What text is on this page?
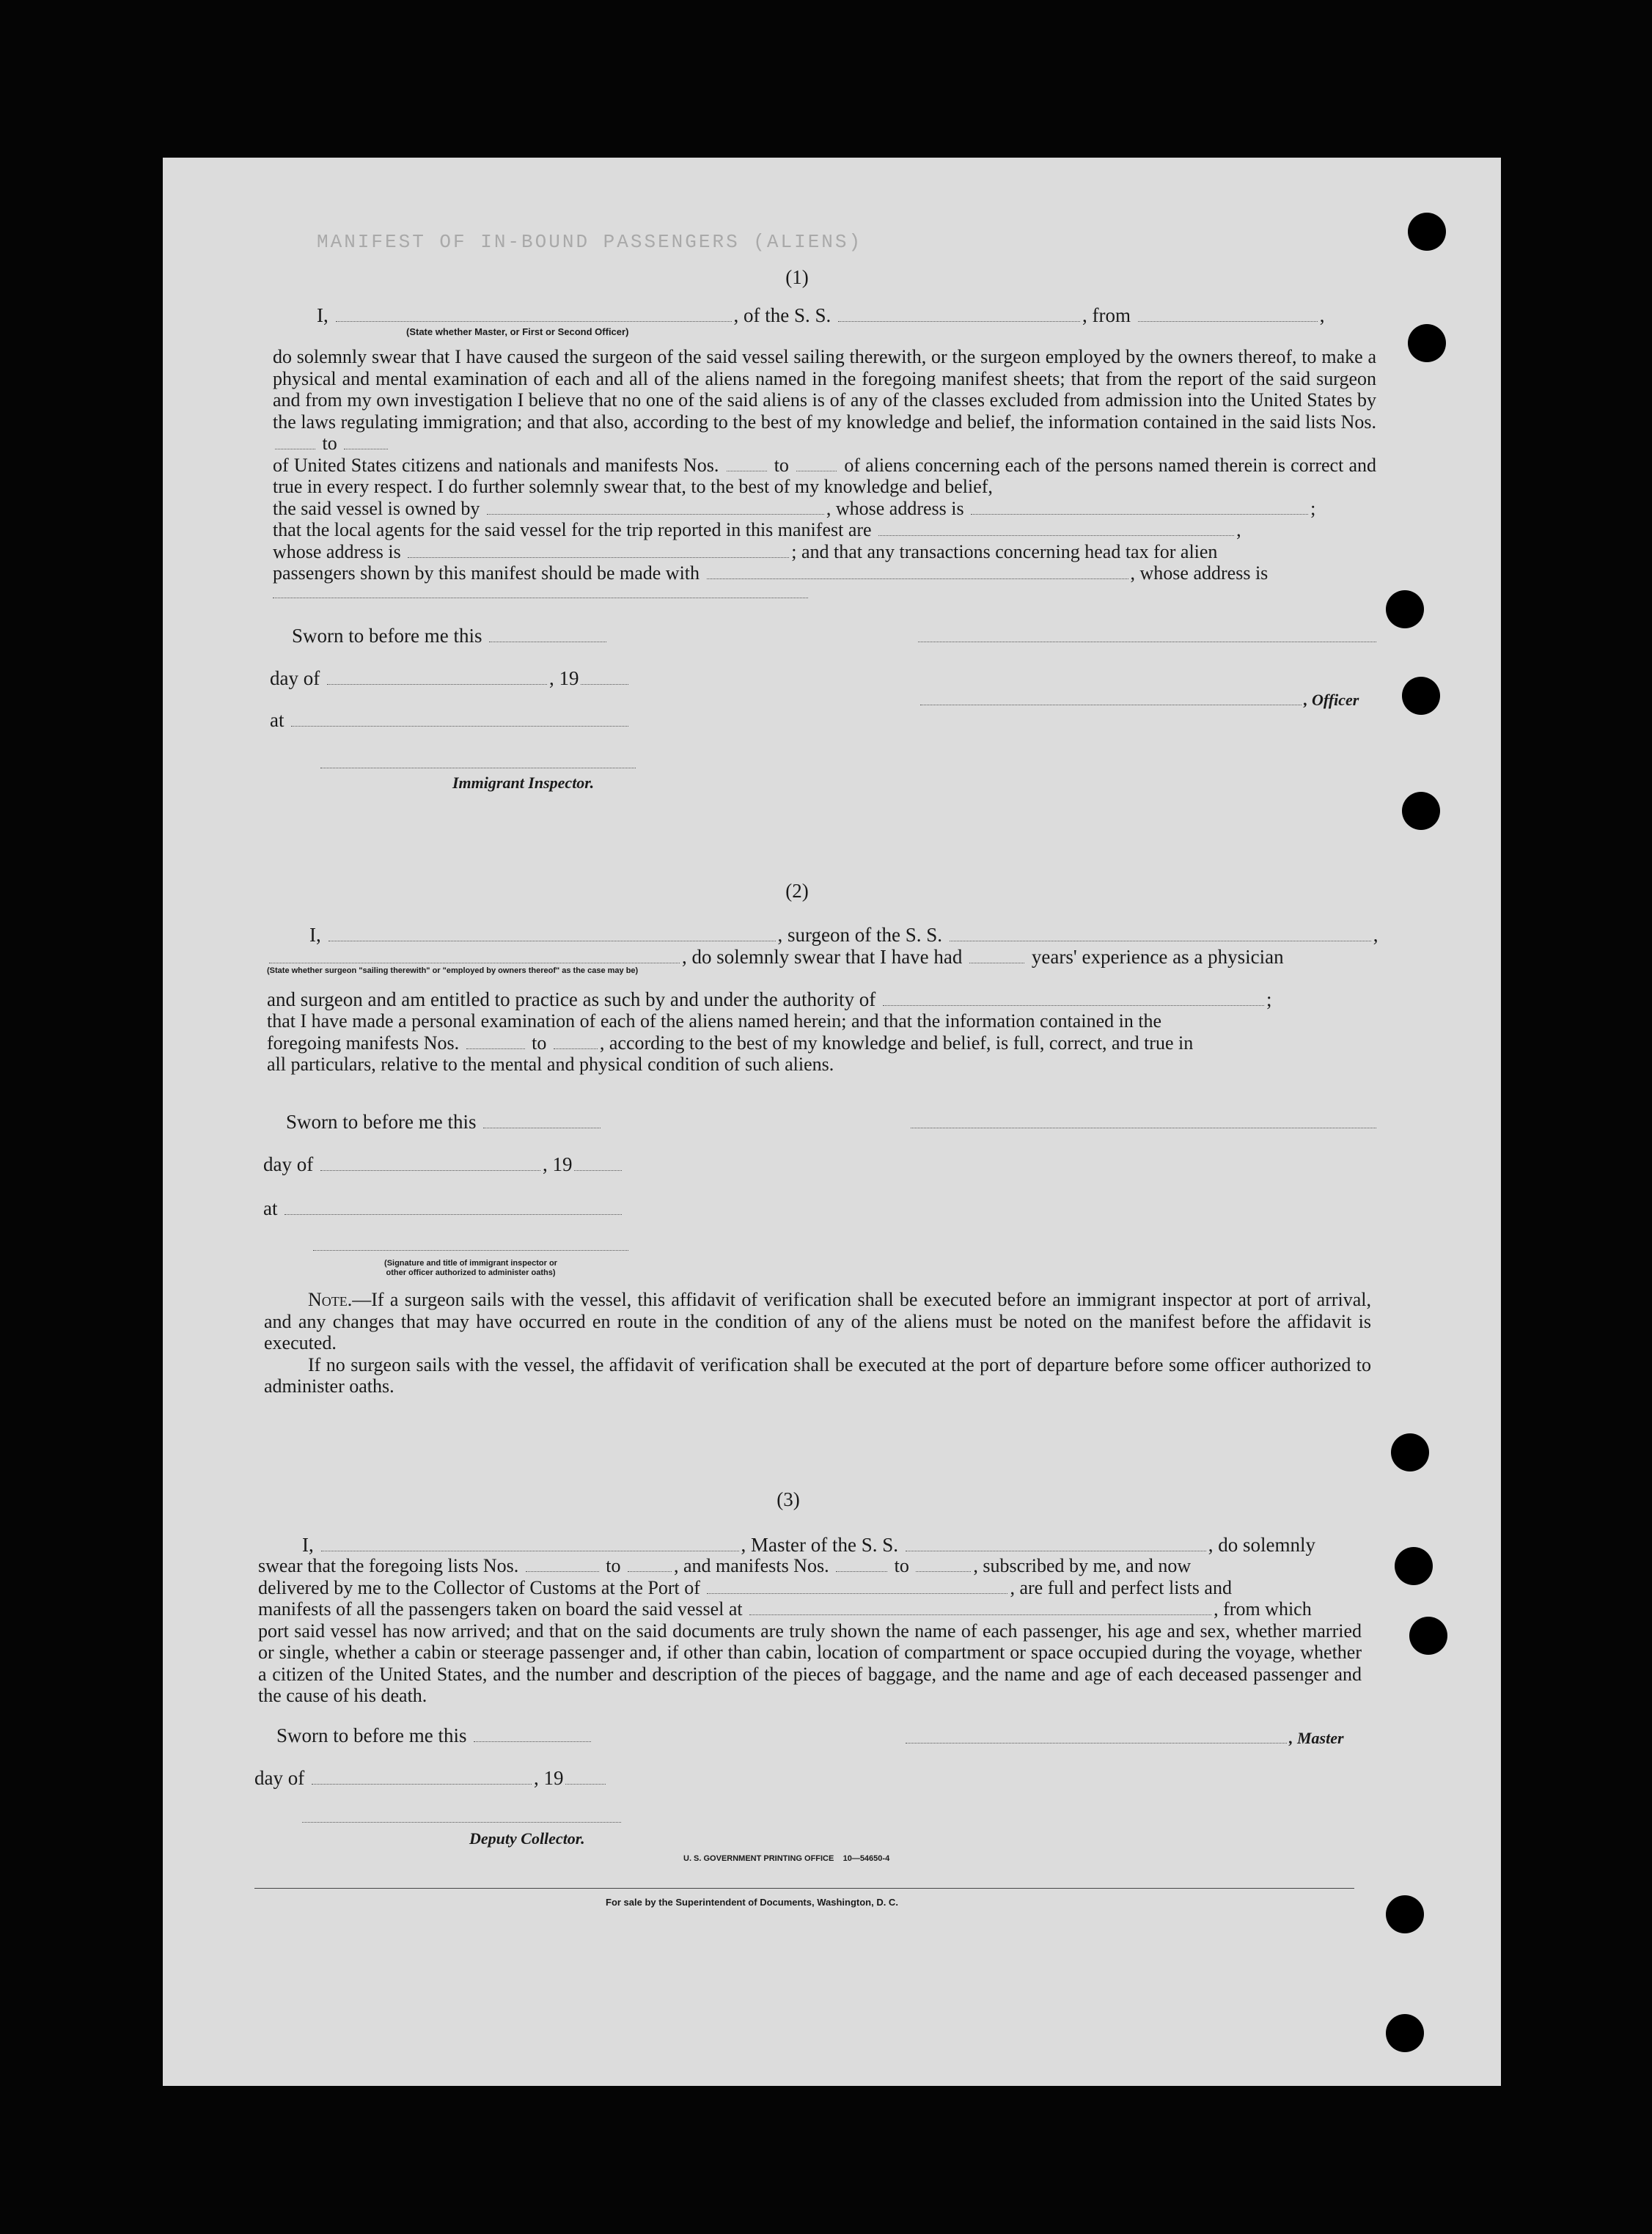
MANIFEST OF IN-BOUND PASSENGERS (ALIENS)
(1)
I,	, of the S. S.	, from	,
(State whether Master, or First or Second Officer)

do solemnly swear that I have caused the surgeon of the said vessel sailing therewith, or the surgeon employed by the owners thereof, to make a physical and mental examination of each and all of the aliens named in the foregoing manifest sheets; that from the report of the said surgeon and from my own investigation I believe that no one of the said aliens is of any of the classes excluded from admission into the United States by the laws regulating immigration; and that also, according to the best of my knowledge and belief, the information contained in the said lists Nos.  to

of United States citizens and nationals and manifests Nos.	to	of aliens concerning each of the persons named therein is correct and true in every respect. I do further solemnly swear that, to the best of my knowledge and belief,

the said vessel is owned by	, whose address is	;

that the local agents for the said vessel for the trip reported in this manifest are	,

whose address is	; and that any transactions concerning head tax for alien

passengers shown by this manifest should be made with	, whose address is

Sworn to before me this
day of	, 19
, Officer
at
Immigrant Inspector.
(2)
I,	, surgeon of the S. S.	,
, do solemnly swear that I have had	years' experience as a physician
(State whether surgeon "sailing therewith" or "employed by owners thereof" as the case may be)
and surgeon and am entitled to practice as such by and under the authority of	;

that I have made a personal examination of each of the aliens named herein; and that the information contained in the

foregoing manifests Nos.	to	, according to the best of my knowledge and belief, is full, correct, and true in

all particulars, relative to the mental and physical condition of such aliens.

Sworn to before me this
day of	, 19
at
(Signature and title of immigrant inspector or
other officer authorized to administer oaths)

Note.—If a surgeon sails with the vessel, this affidavit of verification shall be executed before an immigrant inspector at port of arrival, and any changes that may have occurred en route in the condition of any of the aliens must be noted on the manifest before the affidavit is executed.

If no surgeon sails with the vessel, the affidavit of verification shall be executed at the port of departure before some officer authorized to administer oaths.

(3)
I,	, Master of the S. S.	, do solemnly

swear that the foregoing lists Nos.	to	, and manifests Nos.	to	, subscribed by me, and now

delivered by me to the Collector of Customs at the Port of	, are full and perfect lists and

manifests of all the passengers taken on board the said vessel at	, from which

port said vessel has now arrived; and that on the said documents are truly shown the name of each passenger, his age and sex, whether married or single, whether a cabin or steerage passenger and, if other than cabin, location of compartment or space occupied during the voyage, whether a citizen of the United States, and the number and description of the pieces of baggage, and the name and age of each deceased passenger and the cause of his death.

Sworn to before me this	, Master
day of	, 19
Deputy Collector.
U. S. GOVERNMENT PRINTING OFFICE 10—54650-4
For sale by the Superintendent of Documents, Washington, D. C.
